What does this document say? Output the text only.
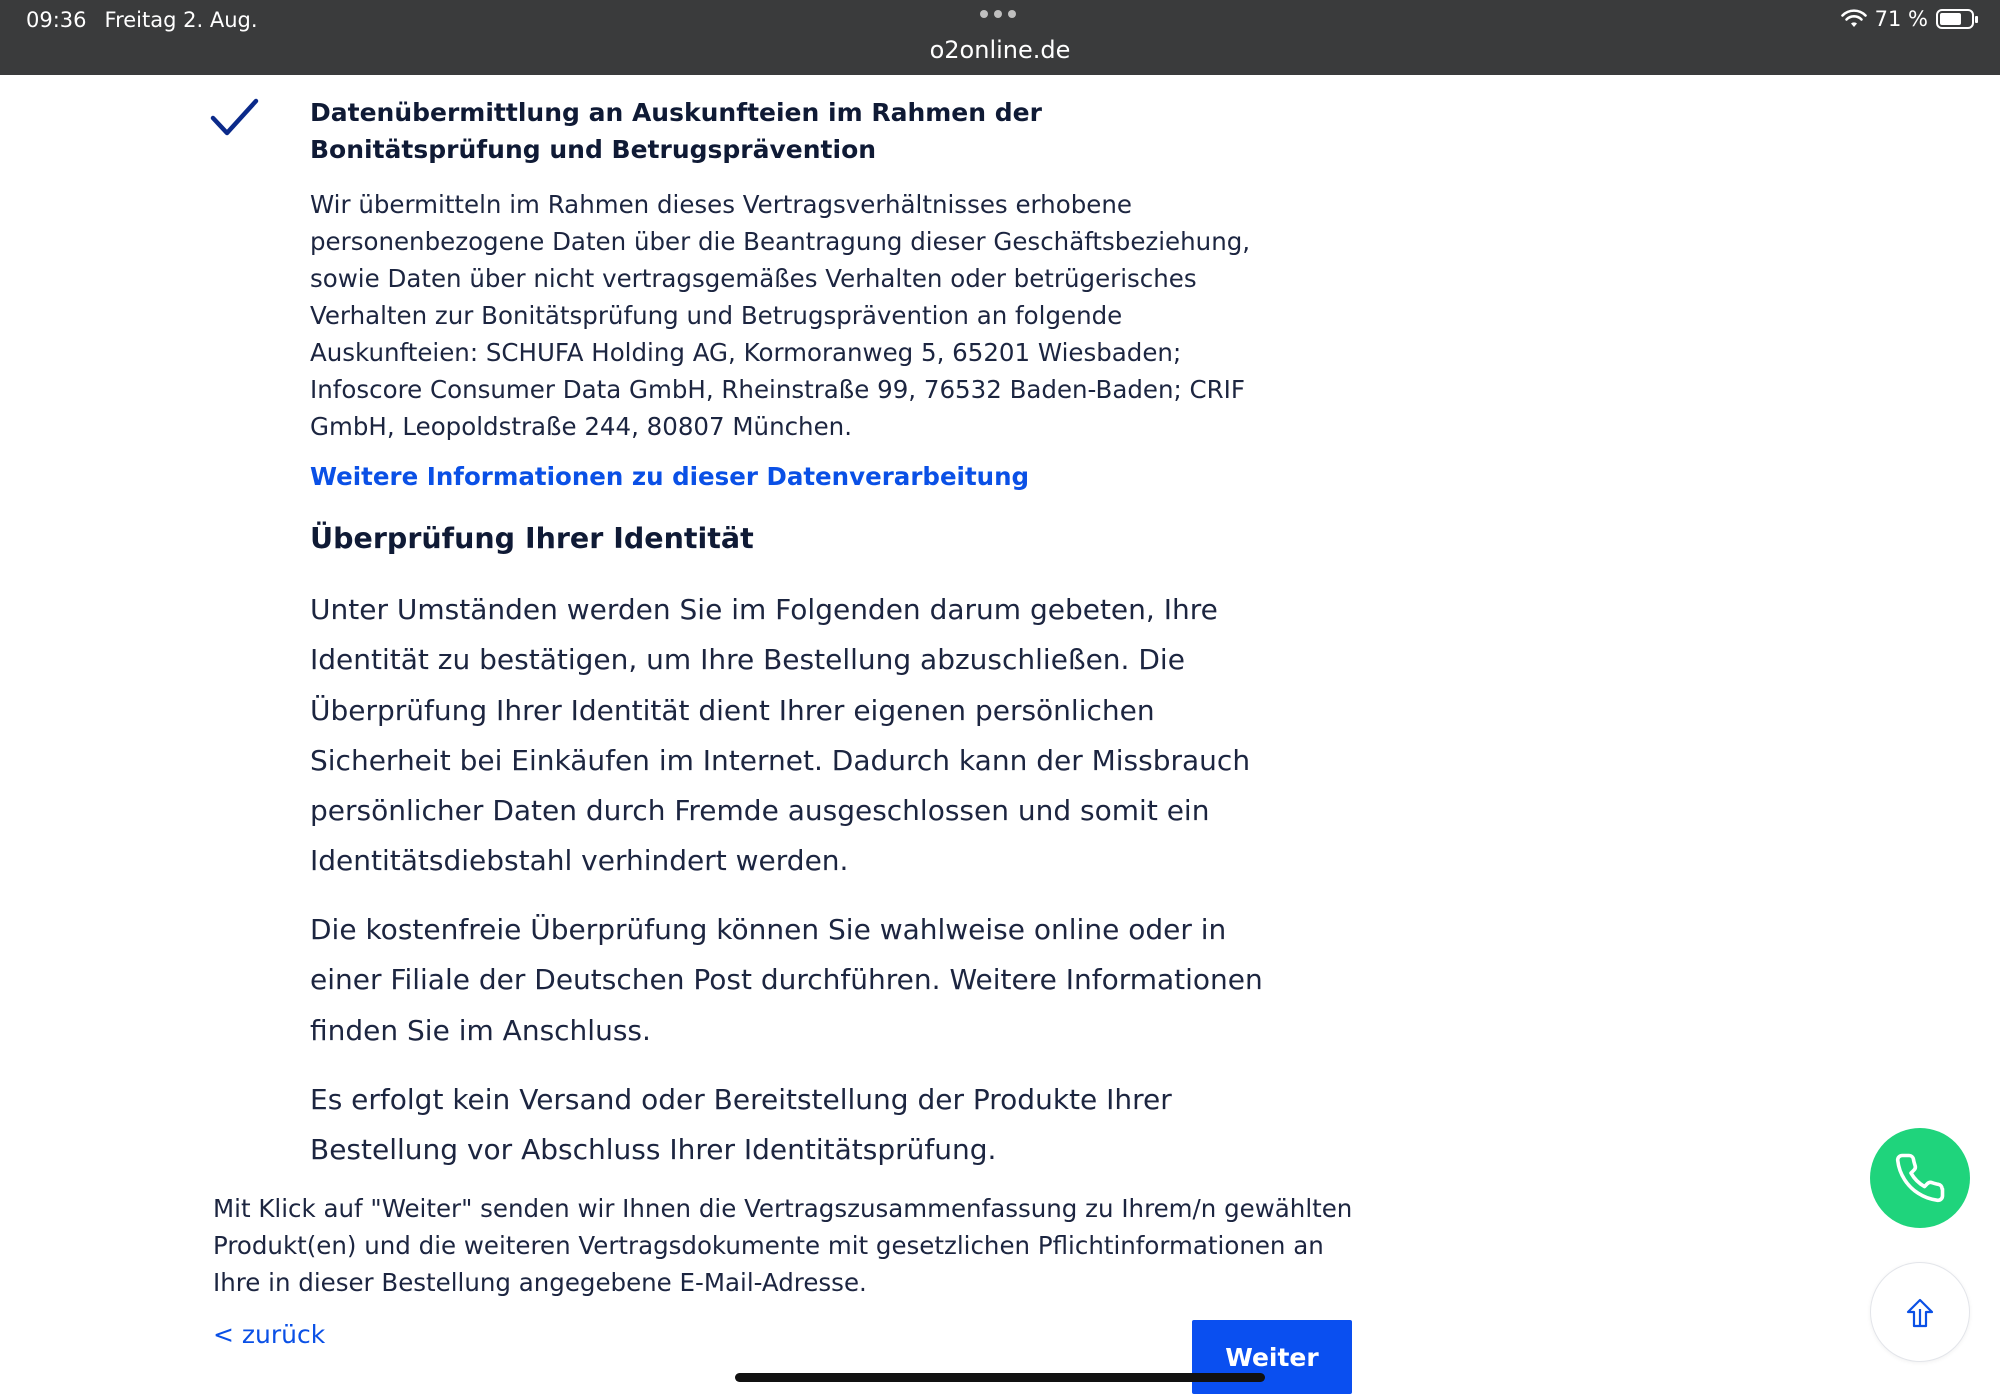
09:36 Freitag 2. Aug.
o2online.de
71 %
Datenübermittlung an Auskunfteien im Rahmen der Bonitätsprüfung und Betrugsprävention

Wir übermitteln im Rahmen dieses Vertragsverhältnisses erhobene personenbezogene Daten über die Beantragung dieser Geschäftsbeziehung, sowie Daten über nicht vertragsgemäßes Verhalten oder betrügerisches Verhalten zur Bonitätsprüfung und Betrugsprävention an folgende Auskunfteien: SCHUFA Holding AG, Kormoranweg 5, 65201 Wiesbaden; Infoscore Consumer Data GmbH, Rheinstraße 99, 76532 Baden-Baden; CRIF GmbH, Leopoldstraße 244, 80807 München.

Weitere Informationen zu dieser Datenverarbeitung
Überprüfung Ihrer Identität

Unter Umständen werden Sie im Folgenden darum gebeten, Ihre Identität zu bestätigen, um Ihre Bestellung abzuschließen. Die Überprüfung Ihrer Identität dient Ihrer eigenen persönlichen Sicherheit bei Einkäufen im Internet. Dadurch kann der Missbrauch persönlicher Daten durch Fremde ausgeschlossen und somit ein Identitätsdiebstahl verhindert werden.

Die kostenfreie Überprüfung können Sie wahlweise online oder in einer Filiale der Deutschen Post durchführen. Weitere Informationen finden Sie im Anschluss.

Es erfolgt kein Versand oder Bereitstellung der Produkte Ihrer Bestellung vor Abschluss Ihrer Identitätsprüfung.

Mit Klick auf "Weiter" senden wir Ihnen die Vertragszusammenfassung zu Ihrem/n gewählten Produkt(en) und die weiteren Vertragsdokumente mit gesetzlichen Pflichtinformationen an Ihre in dieser Bestellung angegebene E-Mail-Adresse.

< zurück
Weiter
